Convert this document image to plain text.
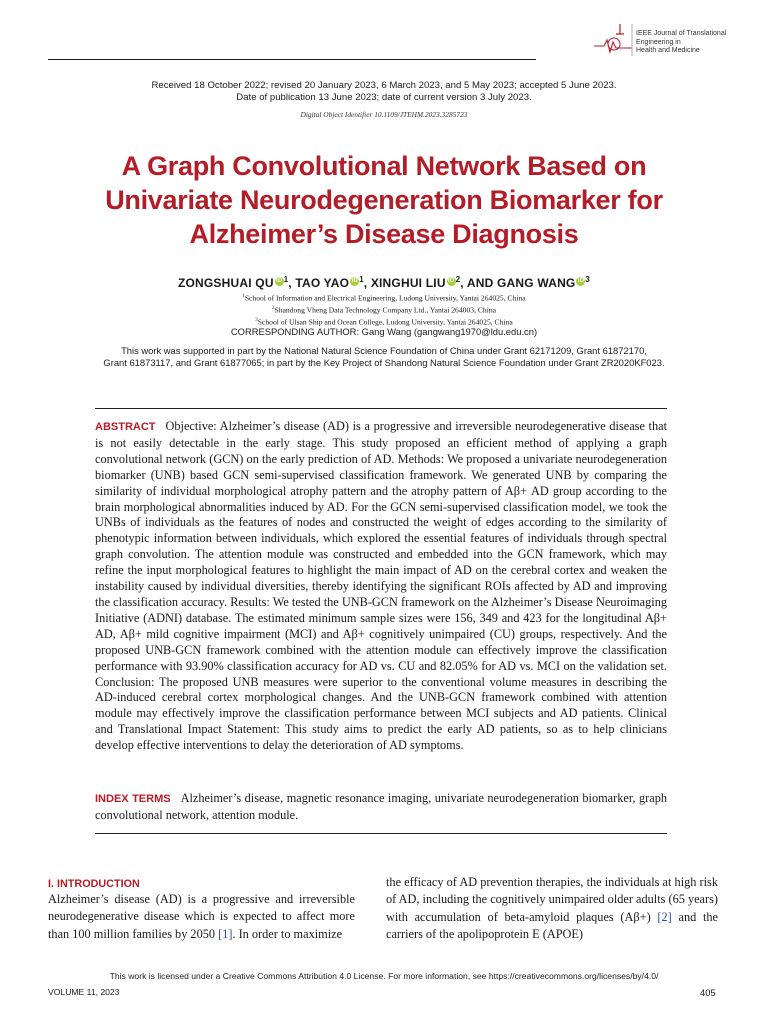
IEEE Journal of Translational
Engineering in
Health and Medicine
Received 18 October 2022; revised 20 January 2023, 6 March 2023, and 5 May 2023; accepted 5 June 2023.
Date of publication 13 June 2023; date of current version 3 July 2023.
Digital Object Identifier 10.1109/JTEHM.2023.3285723
A Graph Convolutional Network Based on
Univariate Neurodegeneration Biomarker for
Alzheimer’s Disease Diagnosis
ZONGSHUAI QU $iD^1$, TAO YAO $iD^1$, XINGHUI LIU $iD^2$, AND GANG WANG $iD^3$
$^1$School of Information and Electrical Engineering, Ludong University, Yantai 264025, China
$^2$Shandong Vheng Data Technology Company Ltd., Yantai 264003, China
$^3$School of Ulsan Ship and Ocean College, Ludong University, Yantai 264025, China
CORRESPONDING AUTHOR: Gang Wang (gangwang1970@ldu.edu.cn)
This work was supported in part by the National Natural Science Foundation of China under Grant 62171209, Grant 61872170,
Grant 61873117, and Grant 61877065; in part by the Key Project of Shandong Natural Science Foundation under Grant ZR2020KF023.
ABSTRACT Objective: Alzheimer’s disease (AD) is a progressive and irreversible neurodegenerative disease that is not easily detectable in the early stage. This study proposed an efficient method of applying a graph convolutional network (GCN) on the early prediction of AD. Methods: We proposed a univariate neurodegeneration biomarker (UNB) based GCN semi-supervised classification framework. We generated UNB by comparing the similarity of individual morphological atrophy pattern and the atrophy pattern of Aβ+ AD group according to the brain morphological abnormalities induced by AD. For the GCN semi-supervised classification model, we took the UNBs of individuals as the features of nodes and constructed the weight of edges according to the similarity of phenotypic information between individuals, which explored the essential features of individuals through spectral graph convolution. The attention module was constructed and embedded into the GCN framework, which may refine the input morphological features to highlight the main impact of AD on the cerebral cortex and weaken the instability caused by individual diversities, thereby identifying the significant ROIs affected by AD and improving the classification accuracy. Results: We tested the UNB-GCN framework on the Alzheimer’s Disease Neuroimaging Initiative (ADNI) database. The estimated minimum sample sizes were 156, 349 and 423 for the longitudinal Aβ+ AD, Aβ+ mild cognitive impairment (MCI) and Aβ+ cognitively unimpaired (CU) groups, respectively. And the proposed UNB-GCN framework combined with the attention module can effectively improve the classification performance with 93.90% classification accuracy for AD vs. CU and 82.05% for AD vs. MCI on the validation set. Conclusion: The proposed UNB measures were superior to the conventional volume measures in describing the AD-induced cerebral cortex morphological changes. And the UNB-GCN framework combined with attention module may effectively improve the classification performance between MCI subjects and AD patients. Clinical and Translational Impact Statement: This study aims to predict the early AD patients, so as to help clinicians develop effective interventions to delay the deterioration of AD symptoms.
INDEX TERMS Alzheimer’s disease, magnetic resonance imaging, univariate neurodegeneration biomarker, graph convolutional network, attention module.
I. INTRODUCTION
Alzheimer’s disease (AD) is a progressive and irreversible neurodegenerative disease which is expected to affect more than 100 million families by 2050 [1]. In order to maximize
the efficacy of AD prevention therapies, the individuals at high risk of AD, including the cognitively unimpaired older adults (65 years) with accumulation of beta-amyloid plaques (Aβ+) [2] and the carriers of the apolipoprotein E (APOE)
This work is licensed under a Creative Commons Attribution 4.0 License. For more information, see https://creativecommons.org/licenses/by/4.0/
VOLUME 11, 2023	405
